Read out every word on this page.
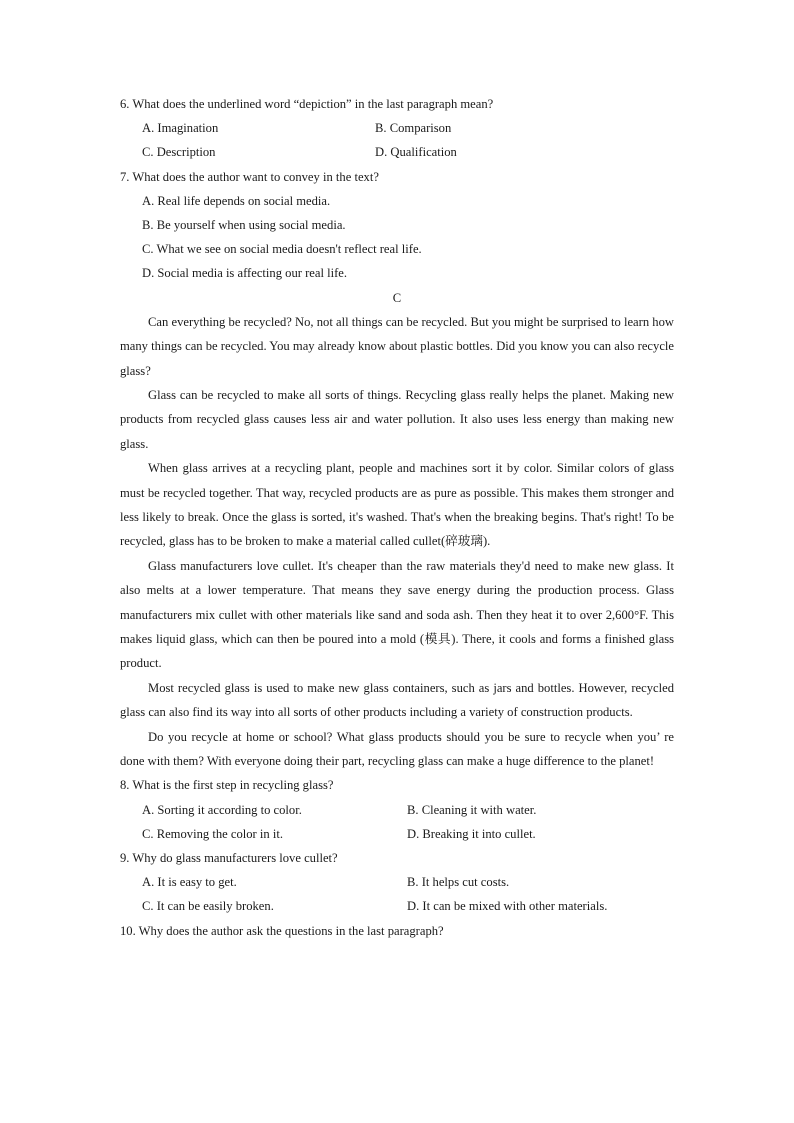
6. What does the underlined word “depiction” in the last paragraph mean?
A. Imagination	B. Comparison
C. Description	D. Qualification
7. What does the author want to convey in the text?
A. Real life depends on social media.
B. Be yourself when using social media.
C. What we see on social media doesn't reflect real life.
D. Social media is affecting our real life.
C

Can everything be recycled? No, not all things can be recycled. But you might be surprised to learn how many things can be recycled. You may already know about plastic bottles. Did you know you can also recycle glass?

Glass can be recycled to make all sorts of things. Recycling glass really helps the planet. Making new products from recycled glass causes less air and water pollution. It also uses less energy than making new glass.

When glass arrives at a recycling plant, people and machines sort it by color. Similar colors of glass must be recycled together. That way, recycled products are as pure as possible. This makes them stronger and less likely to break. Once the glass is sorted, it's washed. That's when the breaking begins. That's right! To be recycled, glass has to be broken to make a material called cullet(碎玻璃).

Glass manufacturers love cullet. It's cheaper than the raw materials they'd need to make new glass. It also melts at a lower temperature. That means they save energy during the production process. Glass manufacturers mix cullet with other materials like sand and soda ash. Then they heat it to over 2,600°F. This makes liquid glass, which can then be poured into a mold (模具). There, it cools and forms a finished glass product.

Most recycled glass is used to make new glass containers, such as jars and bottles. However, recycled glass can also find its way into all sorts of other products including a variety of construction products.

Do you recycle at home or school? What glass products should you be sure to recycle when you’ re done with them? With everyone doing their part, recycling glass can make a huge difference to the planet!

8. What is the first step in recycling glass?
A. Sorting it according to color.	B. Cleaning it with water.
C. Removing the color in it.	D. Breaking it into cullet.
9. Why do glass manufacturers love cullet?
A. It is easy to get.	B. It helps cut costs.
C. It can be easily broken.	D. It can be mixed with other materials.
10. Why does the author ask the questions in the last paragraph?
